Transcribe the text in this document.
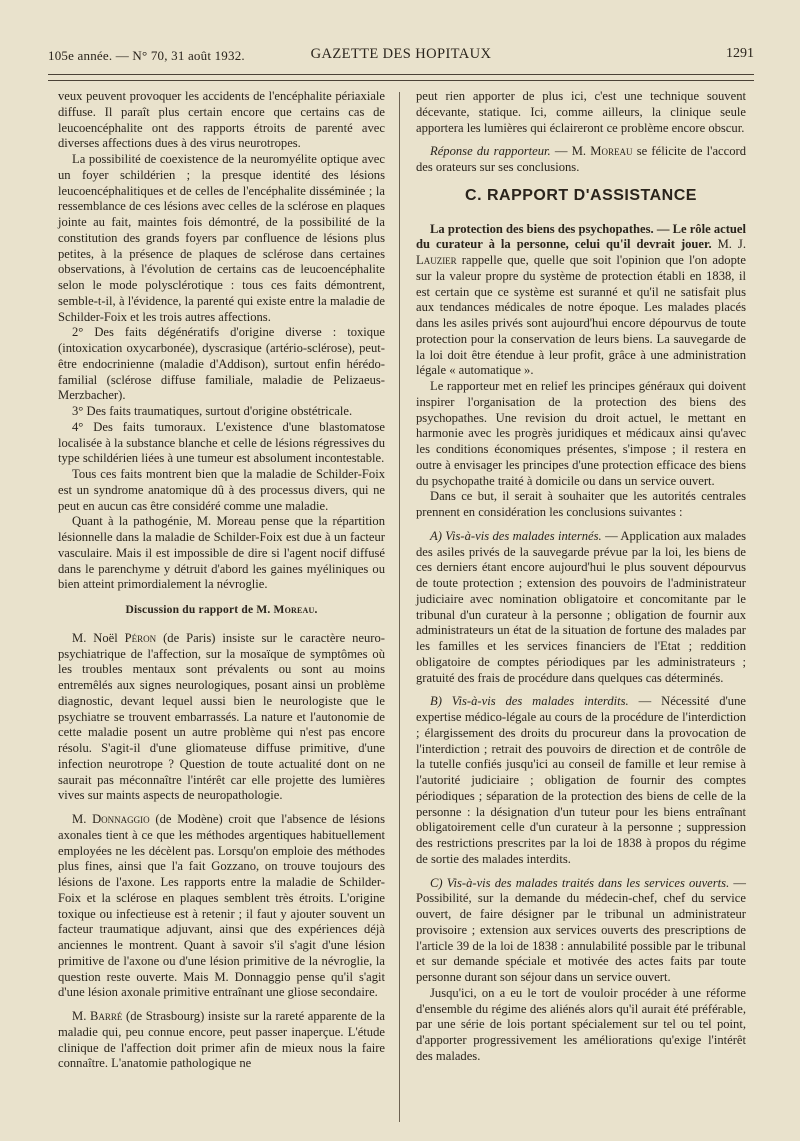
105e année. — N° 70, 31 août 1932.	GAZETTE DES HOPITAUX	1291

veux peuvent provoquer les accidents de l'encéphalite périaxiale diffuse. Il paraît plus certain encore que certains cas de leucoencéphalite ont des rapports étroits de parenté avec diverses affections dues à des virus neurotropes.

La possibilité de coexistence de la neuromyélite optique avec un foyer schildérien ; la presque identité des lésions leucoencéphalitiques et de celles de l'encéphalite disséminée ; la ressemblance de ces lésions avec celles de la sclérose en plaques jointe au fait, maintes fois démontré, de la possibilité de la constitution des grands foyers par confluence de lésions plus petites, à la présence de plaques de sclérose dans certaines observations, à l'évolution de certains cas de leucoencéphalite selon le mode polysclérotique : tous ces faits démontrent, semble-t-il, à l'évidence, la parenté qui existe entre la maladie de Schilder-Foix et les trois autres affections.

2° Des faits dégénératifs d'origine diverse : toxique (intoxication oxycarbonée), dyscrasique (artério-sclérose), peut-être endocrinienne (maladie d'Addison), surtout enfin hérédo-familial (sclérose diffuse familiale, maladie de Pelizaeus-Merzbacher).

3° Des faits traumatiques, surtout d'origine obstétricale.

4° Des faits tumoraux. L'existence d'une blastomatose localisée à la substance blanche et celle de lésions régressives du type schildérien liées à une tumeur est absolument incontestable.

Tous ces faits montrent bien que la maladie de Schilder-Foix est un syndrome anatomique dû à des processus divers, qui ne peut en aucun cas être considéré comme une maladie.

Quant à la pathogénie, M. Moreau pense que la répartition lésionnelle dans la maladie de Schilder-Foix est due à un facteur vasculaire. Mais il est impossible de dire si l'agent nocif diffusé dans le parenchyme y détruit d'abord les gaines myéliniques ou bien atteint primordialement la névroglie.

Discussion du rapport de M. Moreau.

M. Noël Péron (de Paris) insiste sur le caractère neuro-psychiatrique de l'affection, sur la mosaïque de symptômes où les troubles mentaux sont prévalents ou sont au moins entremêlés aux signes neurologiques, posant ainsi un problème diagnostic, devant lequel aussi bien le neurologiste que le psychiatre se trouvent embarrassés. La nature et l'autonomie de cette maladie posent un autre problème qui n'est pas encore résolu. S'agit-il d'une gliomateuse diffuse primitive, d'une infection neurotrope ? Question de toute actualité dont on ne saurait pas méconnaître l'intérêt car elle projette des lumières vives sur maints aspects de neuropathologie.

M. Donnaggio (de Modène) croit que l'absence de lésions axonales tient à ce que les méthodes argentiques habituellement employées ne les décèlent pas. Lorsqu'on emploie des méthodes plus fines, ainsi que l'a fait Gozzano, on trouve toujours des lésions de l'axone. Les rapports entre la maladie de Schilder-Foix et la sclérose en plaques semblent très étroits. L'origine toxique ou infectieuse est à retenir ; il faut y ajouter souvent un facteur traumatique adjuvant, ainsi que des expériences déjà anciennes le montrent. Quant à savoir s'il s'agit d'une lésion primitive de l'axone ou d'une lésion primitive de la névroglie, la question reste ouverte. Mais M. Donnaggio pense qu'il s'agit d'une lésion axonale primitive entraînant une gliose secondaire.

M. Barré (de Strasbourg) insiste sur la rareté apparente de la maladie qui, peu connue encore, peut passer inaperçue. L'étude clinique de l'affection doit primer afin de mieux nous la faire connaître. L'anatomie pathologique ne

peut rien apporter de plus ici, c'est une technique souvent décevante, statique. Ici, comme ailleurs, la clinique seule apportera les lumières qui éclaireront ce problème encore obscur.

Réponse du rapporteur. — M. Moreau se félicite de l'accord des orateurs sur ses conclusions.

C. RAPPORT D'ASSISTANCE

La protection des biens des psychopathes. — Le rôle actuel du curateur à la personne, celui qu'il devrait jouer. M. J. Lauzier rappelle que, quelle que soit l'opinion que l'on adopte sur la valeur propre du système de protection établi en 1838, il est certain que ce système est suranné et qu'il ne satisfait plus aux tendances médicales de notre époque. Les malades placés dans les asiles privés sont aujourd'hui encore dépourvus de toute protection pour la conservation de leurs biens. La sauvegarde de la loi doit être étendue à leur profit, grâce à une administration légale « automatique ».

Le rapporteur met en relief les principes généraux qui doivent inspirer l'organisation de la protection des biens des psychopathes. Une revision du droit actuel, le mettant en harmonie avec les progrès juridiques et médicaux ainsi qu'avec les conditions économiques présentes, s'impose ; il restera en outre à envisager les principes d'une protection efficace des biens du psychopathe traité à domicile ou dans un service ouvert.

Dans ce but, il serait à souhaiter que les autorités centrales prennent en considération les conclusions suivantes :

A) Vis-à-vis des malades internés. — Application aux malades des asiles privés de la sauvegarde prévue par la loi, les biens de ces derniers étant encore aujourd'hui le plus souvent dépourvus de toute protection ; extension des pouvoirs de l'administrateur judiciaire avec nomination obligatoire et concomitante par le tribunal d'un curateur à la personne ; obligation de fournir aux administrateurs un état de la situation de fortune des malades par les familles et les services financiers de l'Etat ; reddition obligatoire de comptes périodiques par les administrateurs ; gratuité des frais de procédure dans quelques cas déterminés.

B) Vis-à-vis des malades interdits. — Nécessité d'une expertise médico-légale au cours de la procédure de l'interdiction ; élargissement des droits du procureur dans la provocation de l'interdiction ; retrait des pouvoirs de direction et de contrôle de la tutelle confiés jusqu'ici au conseil de famille et leur remise à l'autorité judiciaire ; obligation de fournir des comptes périodiques ; séparation de la protection des biens de celle de la personne : la désignation d'un tuteur pour les biens entraînant obligatoirement celle d'un curateur à la personne ; suppression des restrictions prescrites par la loi de 1838 à propos du régime de sortie des malades interdits.

C) Vis-à-vis des malades traités dans les services ouverts. — Possibilité, sur la demande du médecin-chef, chef du service ouvert, de faire désigner par le tribunal un administrateur provisoire ; extension aux services ouverts des prescriptions de l'article 39 de la loi de 1838 : annulabilité possible par le tribunal et sur demande spéciale et motivée des actes faits par toute personne durant son séjour dans un service ouvert.

Jusqu'ici, on a eu le tort de vouloir procéder à une réforme d'ensemble du régime des aliénés alors qu'il aurait été préférable, par une série de lois portant spécialement sur tel ou tel point, d'apporter progressivement les améliorations qu'exige l'intérêt des malades.
